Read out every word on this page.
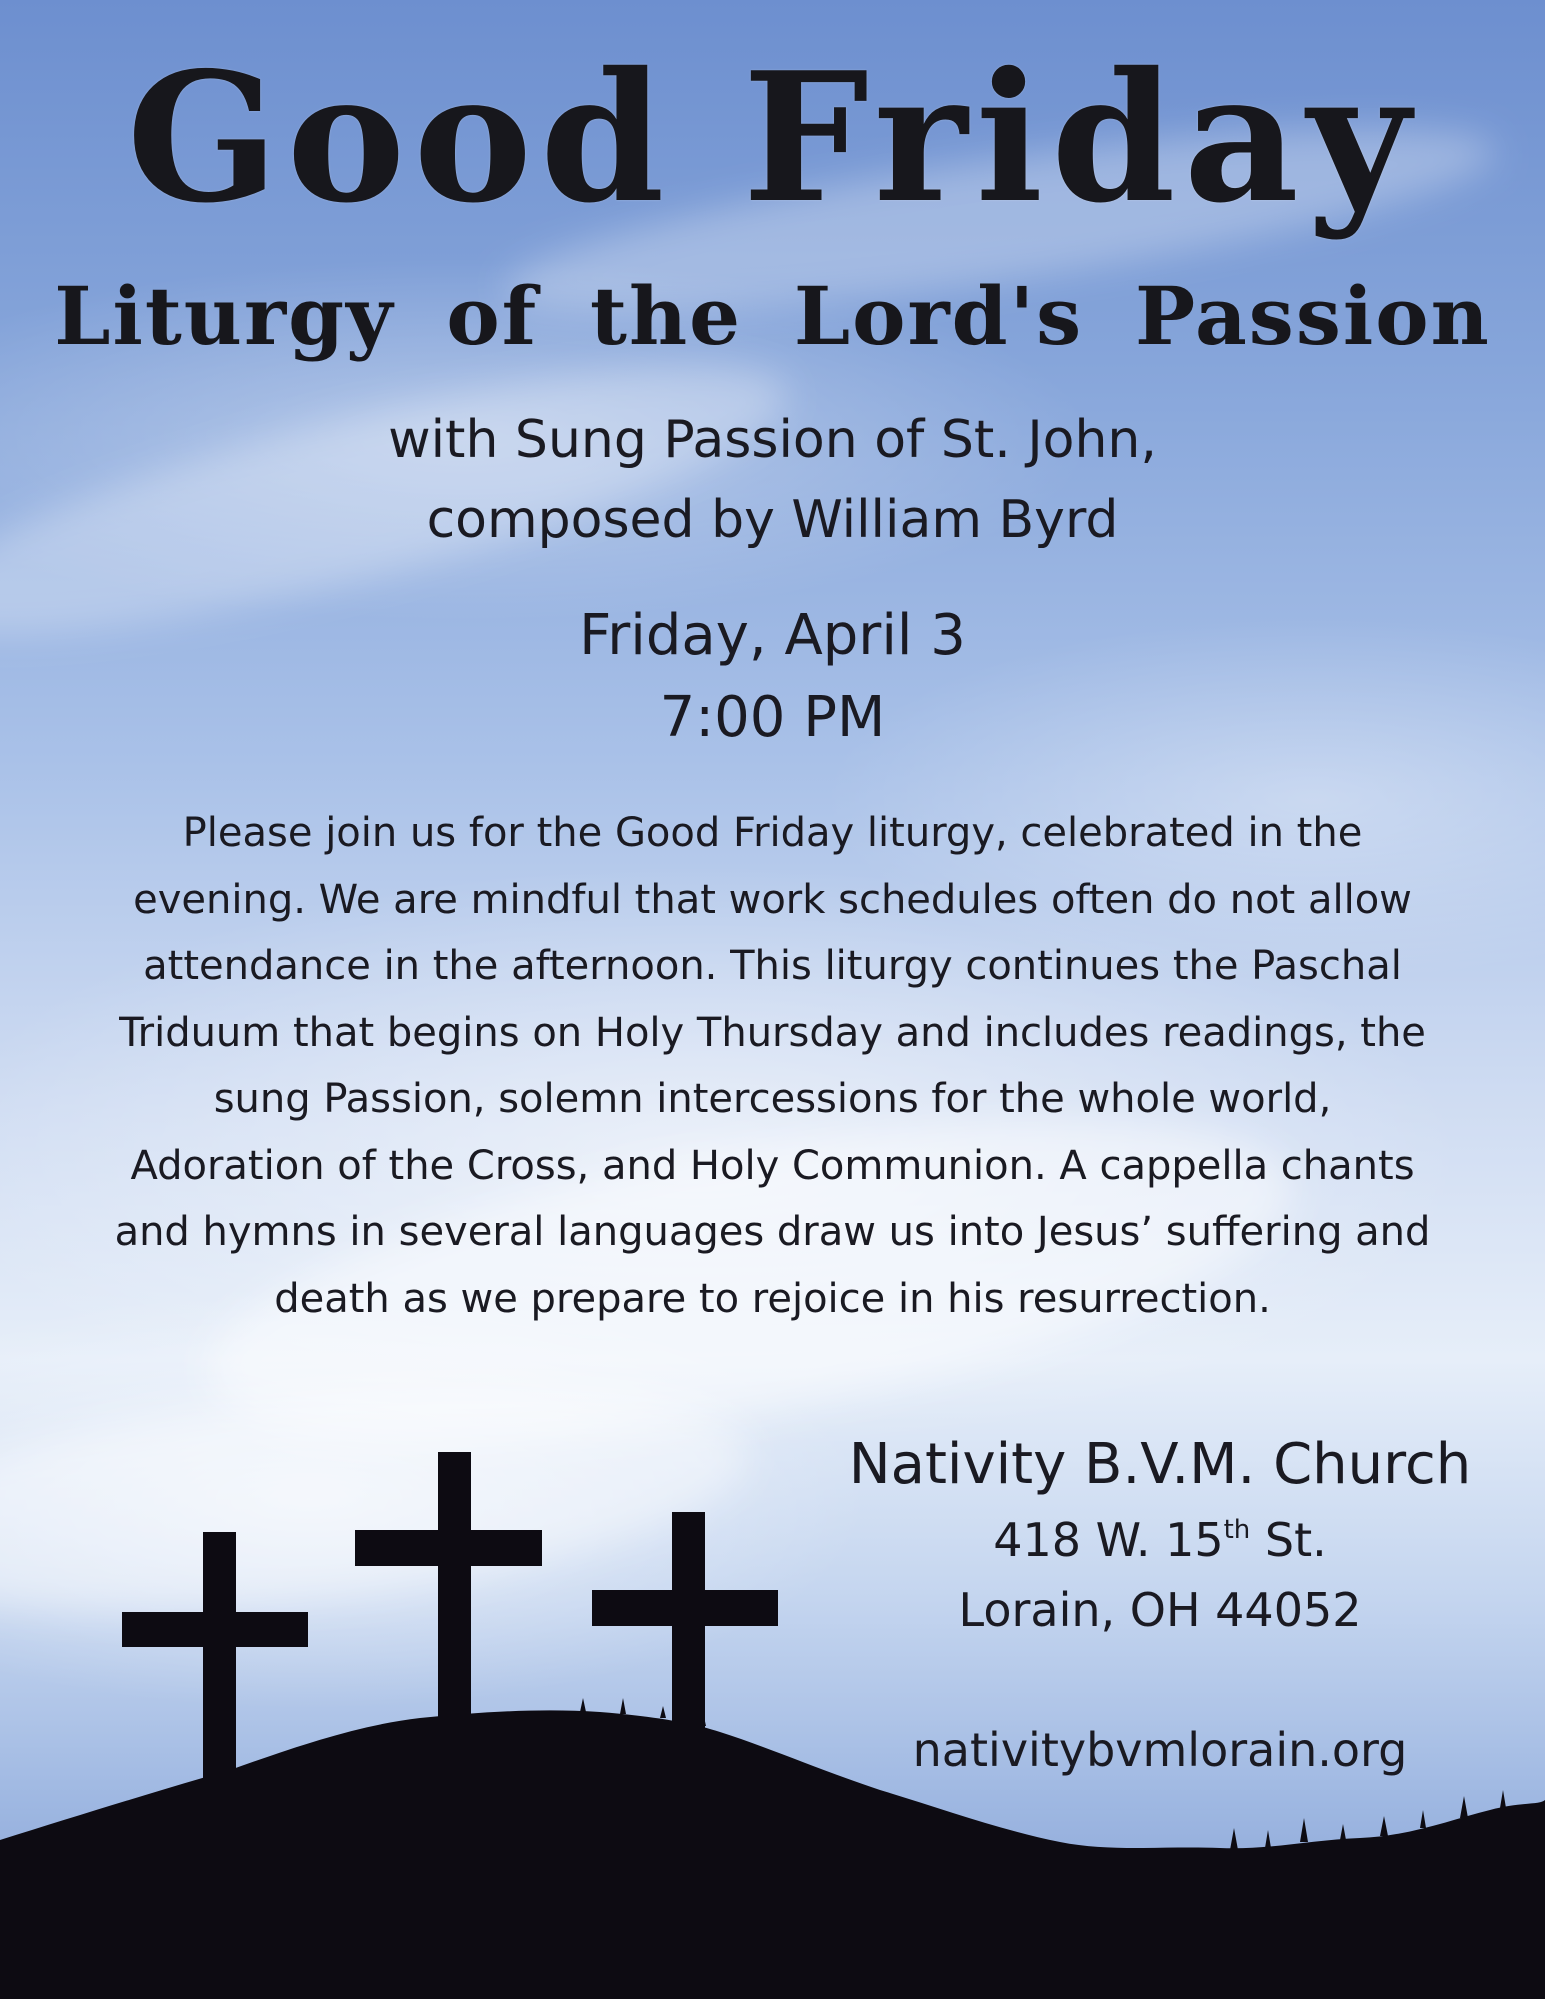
Good Friday
Liturgy of the Lord's Passion
with Sung Passion of St. John,
composed by William Byrd
Friday, April 3
7:00 PM
Please join us for the Good Friday liturgy, celebrated in the
evening. We are mindful that work schedules often do not allow
attendance in the afternoon. This liturgy continues the Paschal
Triduum that begins on Holy Thursday and includes readings, the
sung Passion, solemn intercessions for the whole world,
Adoration of the Cross, and Holy Communion. A cappella chants
and hymns in several languages draw us into Jesus’ suffering and
death as we prepare to rejoice in his resurrection.
Nativity B.V.M. Church
418 W. 15th St.
Lorain, OH 44052
nativitybvmlorain.org
